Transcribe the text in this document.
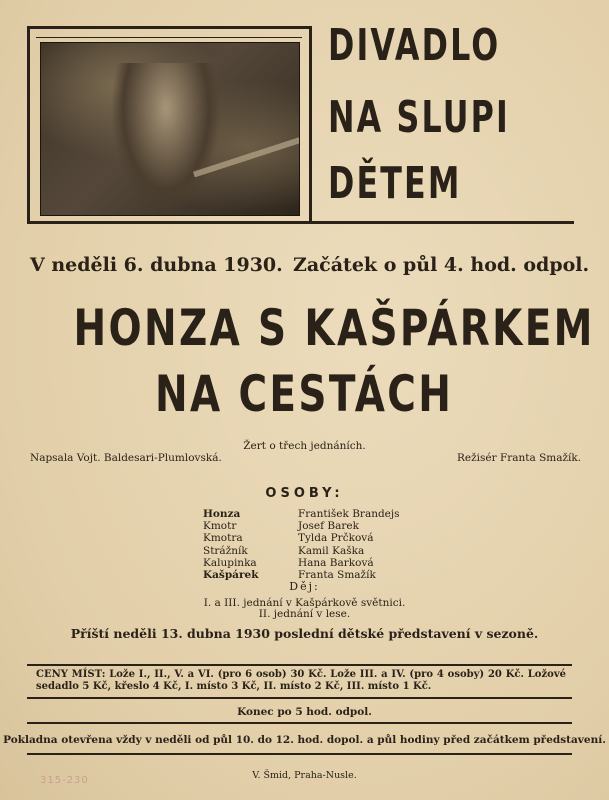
DIVADLO
NA SLUPI
DĚTEM
V neděli 6. dubna 1930. Začátek o půl 4. hod. odpol.
HONZA S KAŠPÁRKEM
NA CESTÁCH
Žert o třech jednáních.
Napsala Vojt. Baldesari-Plumlovská.	Režisér Franta Smažík.
OSOBY:
Honza
Kmotr
Kmotra
Strážník
Kalupinka
Kašpárek
František Brandejs
Josef Barek
Tylda Prčková
Kamil Kaška
Hana Barková
Franta Smažík
Děj:
I. a III. jednání v Kašpárkově světnici.
II. jednání v lese.
Příští neděli 13. dubna 1930 poslední dětské představení v sezoně.
CENY MÍST: Lože I., II., V. a VI. (pro 6 osob) 30 Kč. Lože III. a IV. (pro 4 osoby) 20 Kč. Ložové sedadlo 5 Kč, křeslo 4 Kč, I. místo 3 Kč, II. místo 2 Kč, III. místo 1 Kč.
Konec po 5 hod. odpol.
Pokladna otevřena vždy v neděli od půl 10. do 12. hod. dopol. a půl hodiny před začátkem představení.
V. Šmid, Praha-Nusle.
315-230
